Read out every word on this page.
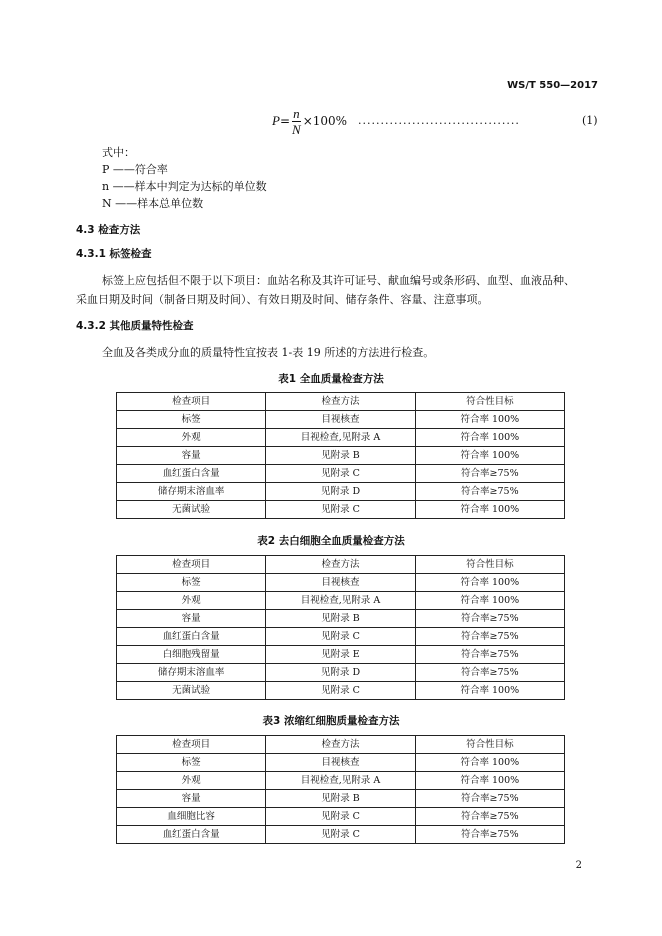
WS/T 550—2017
$P= \frac{n}{N} \times 100\%$ ....................................	(1)
式中：
P ——符合率
n ——样本中判定为达标的单位数
N ——样本总单位数
4.3 检查方法
4.3.1 标签检查
标签上应包括但不限于以下项目：血站名称及其许可证号、献血编号或条形码、血型、血液品种、
采血日期及时间（制备日期及时间）、有效日期及时间、储存条件、容量、注意事项。
4.3.2 其他质量特性检查
全血及各类成分血的质量特性宜按表 1-表 19 所述的方法进行检查。
表1 全血质量检查方法
检查项目	检查方法	符合性目标
标签	目视核查	符合率 100%
外观	目视检查,见附录 A	符合率 100%
容量	见附录 B	符合率 100%
血红蛋白含量	见附录 C	符合率≥75%
储存期末溶血率	见附录 D	符合率≥75%
无菌试验	见附录 C	符合率 100%
表2 去白细胞全血质量检查方法
检查项目	检查方法	符合性目标
标签	目视核查	符合率 100%
外观	目视检查,见附录 A	符合率 100%
容量	见附录 B	符合率≥75%
血红蛋白含量	见附录 C	符合率≥75%
白细胞残留量	见附录 E	符合率≥75%
储存期末溶血率	见附录 D	符合率≥75%
无菌试验	见附录 C	符合率 100%
表3 浓缩红细胞质量检查方法
检查项目	检查方法	符合性目标
标签	目视核查	符合率 100%
外观	目视检查,见附录 A	符合率 100%
容量	见附录 B	符合率≥75%
血细胞比容	见附录 C	符合率≥75%
血红蛋白含量	见附录 C	符合率≥75%
2
